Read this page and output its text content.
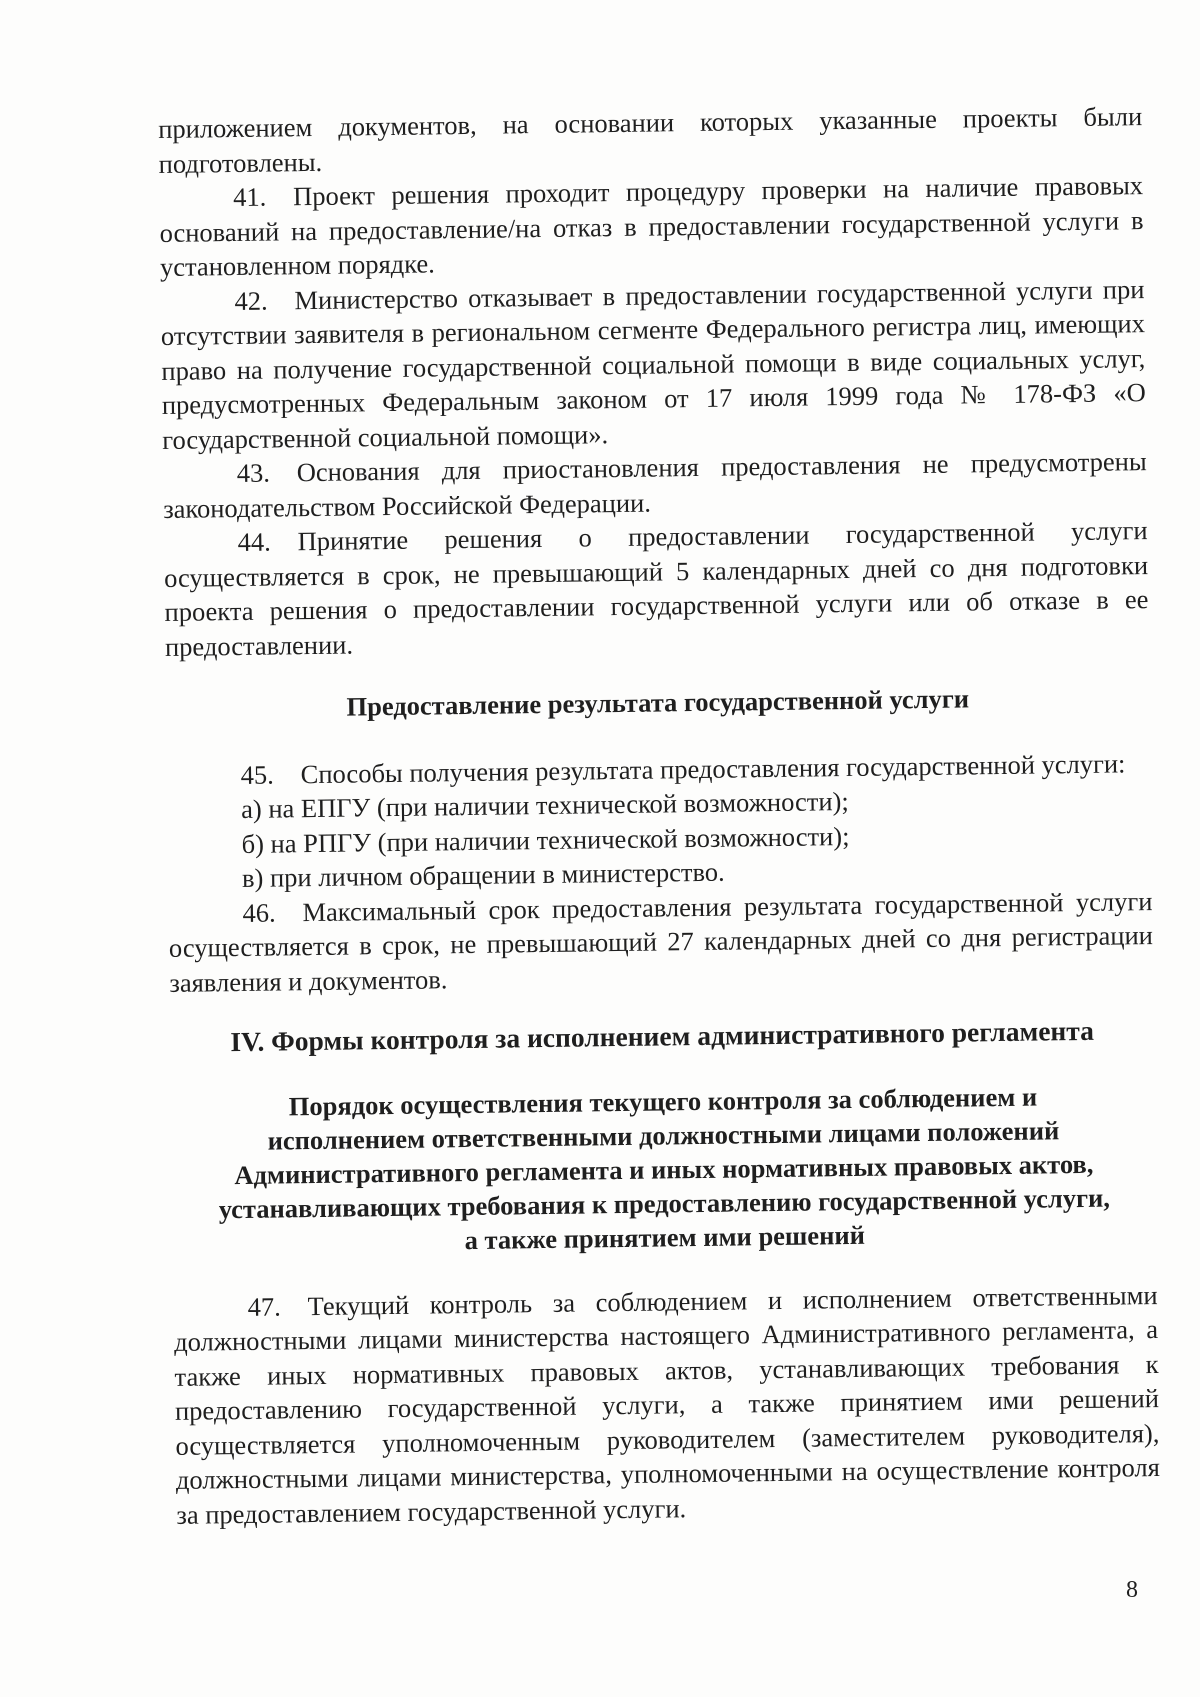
приложением документов, на основании которых указанные проекты были подготовлены.

41. Проект решения проходит процедуру проверки на наличие правовых оснований на предоставление/на отказ в предоставлении государственной услуги в установленном порядке.

42. Министерство отказывает в предоставлении государственной услуги при отсутствии заявителя в региональном сегменте Федерального регистра лиц, имеющих право на получение государственной социальной помощи в виде социальных услуг, предусмотренных Федеральным законом от 17 июля 1999 года № 178-ФЗ «О государственной социальной помощи».

43. Основания для приостановления предоставления не предусмотрены законодательством Российской Федерации.

44. Принятие решения о предоставлении государственной услуги осуществляется в срок, не превышающий 5 календарных дней со дня подготовки проекта решения о предоставлении государственной услуги или об отказе в ее предоставлении.

Предоставление результата государственной услуги

45. Способы получения результата предоставления государственной услуги:

а) на ЕПГУ (при наличии технической возможности);

б) на РПГУ (при наличии технической возможности);

в) при личном обращении в министерство.

46. Максимальный срок предоставления результата государственной услуги осуществляется в срок, не превышающий 27 календарных дней со дня регистрации заявления и документов.

IV. Формы контроля за исполнением административного регламента

Порядок осуществления текущего контроля за соблюдением и
исполнением ответственными должностными лицами положений
Административного регламента и иных нормативных правовых актов,
устанавливающих требования к предоставлению государственной услуги,
а также принятием ими решений

47. Текущий контроль за соблюдением и исполнением ответственными должностными лицами министерства настоящего Административного регламента, а также иных нормативных правовых актов, устанавливающих требования к предоставлению государственной услуги, а также принятием ими решений осуществляется уполномоченным руководителем (заместителем руководителя), должностными лицами министерства, уполномоченными на осуществление контроля за предоставлением государственной услуги.

8
